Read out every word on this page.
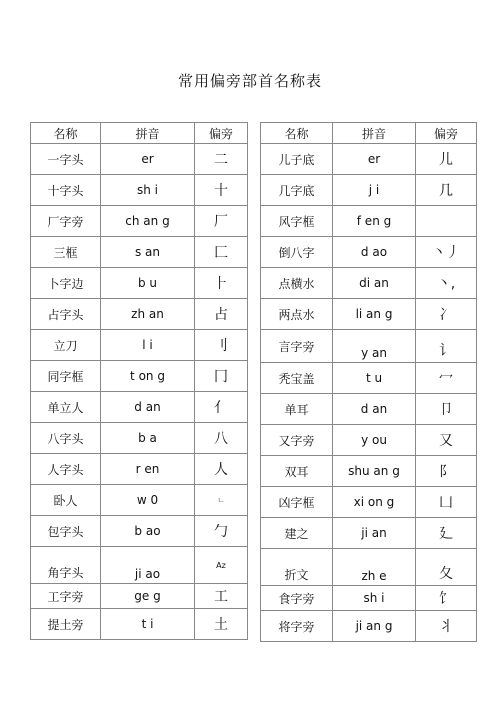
常用偏旁部首名称表
名称	拼音	偏旁
一字头	er	二
十字头	sh i	十
厂字旁	ch an g	厂
三框	s an	匚
卜字边	b u	⺊
占字头	zh an	占
立刀	l i	刂
同字框	t on g	冂
单立人	d an	亻
八字头	b a	八
人字头	r en	人
卧人	w 0	ㄴ
包字头	b ao	勹
角字头	ji ao	Az
工字旁	ge g	工
提土旁	t i	土
名称	拼音	偏旁
儿子底	er	儿
几字底	j i	几
风字框	f en g	
倒八字	d ao	丶丿
点横水	di an	丶,
两点水	li an g	冫
言字旁	y an	讠
秃宝盖	t u	冖
单耳	d an	卩
又字旁	y ou	又
双耳	shu an g	阝
凶字框	xi on g	凵
建之	ji an	廴
折文	zh e	夂
食字旁	sh i	饣
将字旁	ji an g	丬
